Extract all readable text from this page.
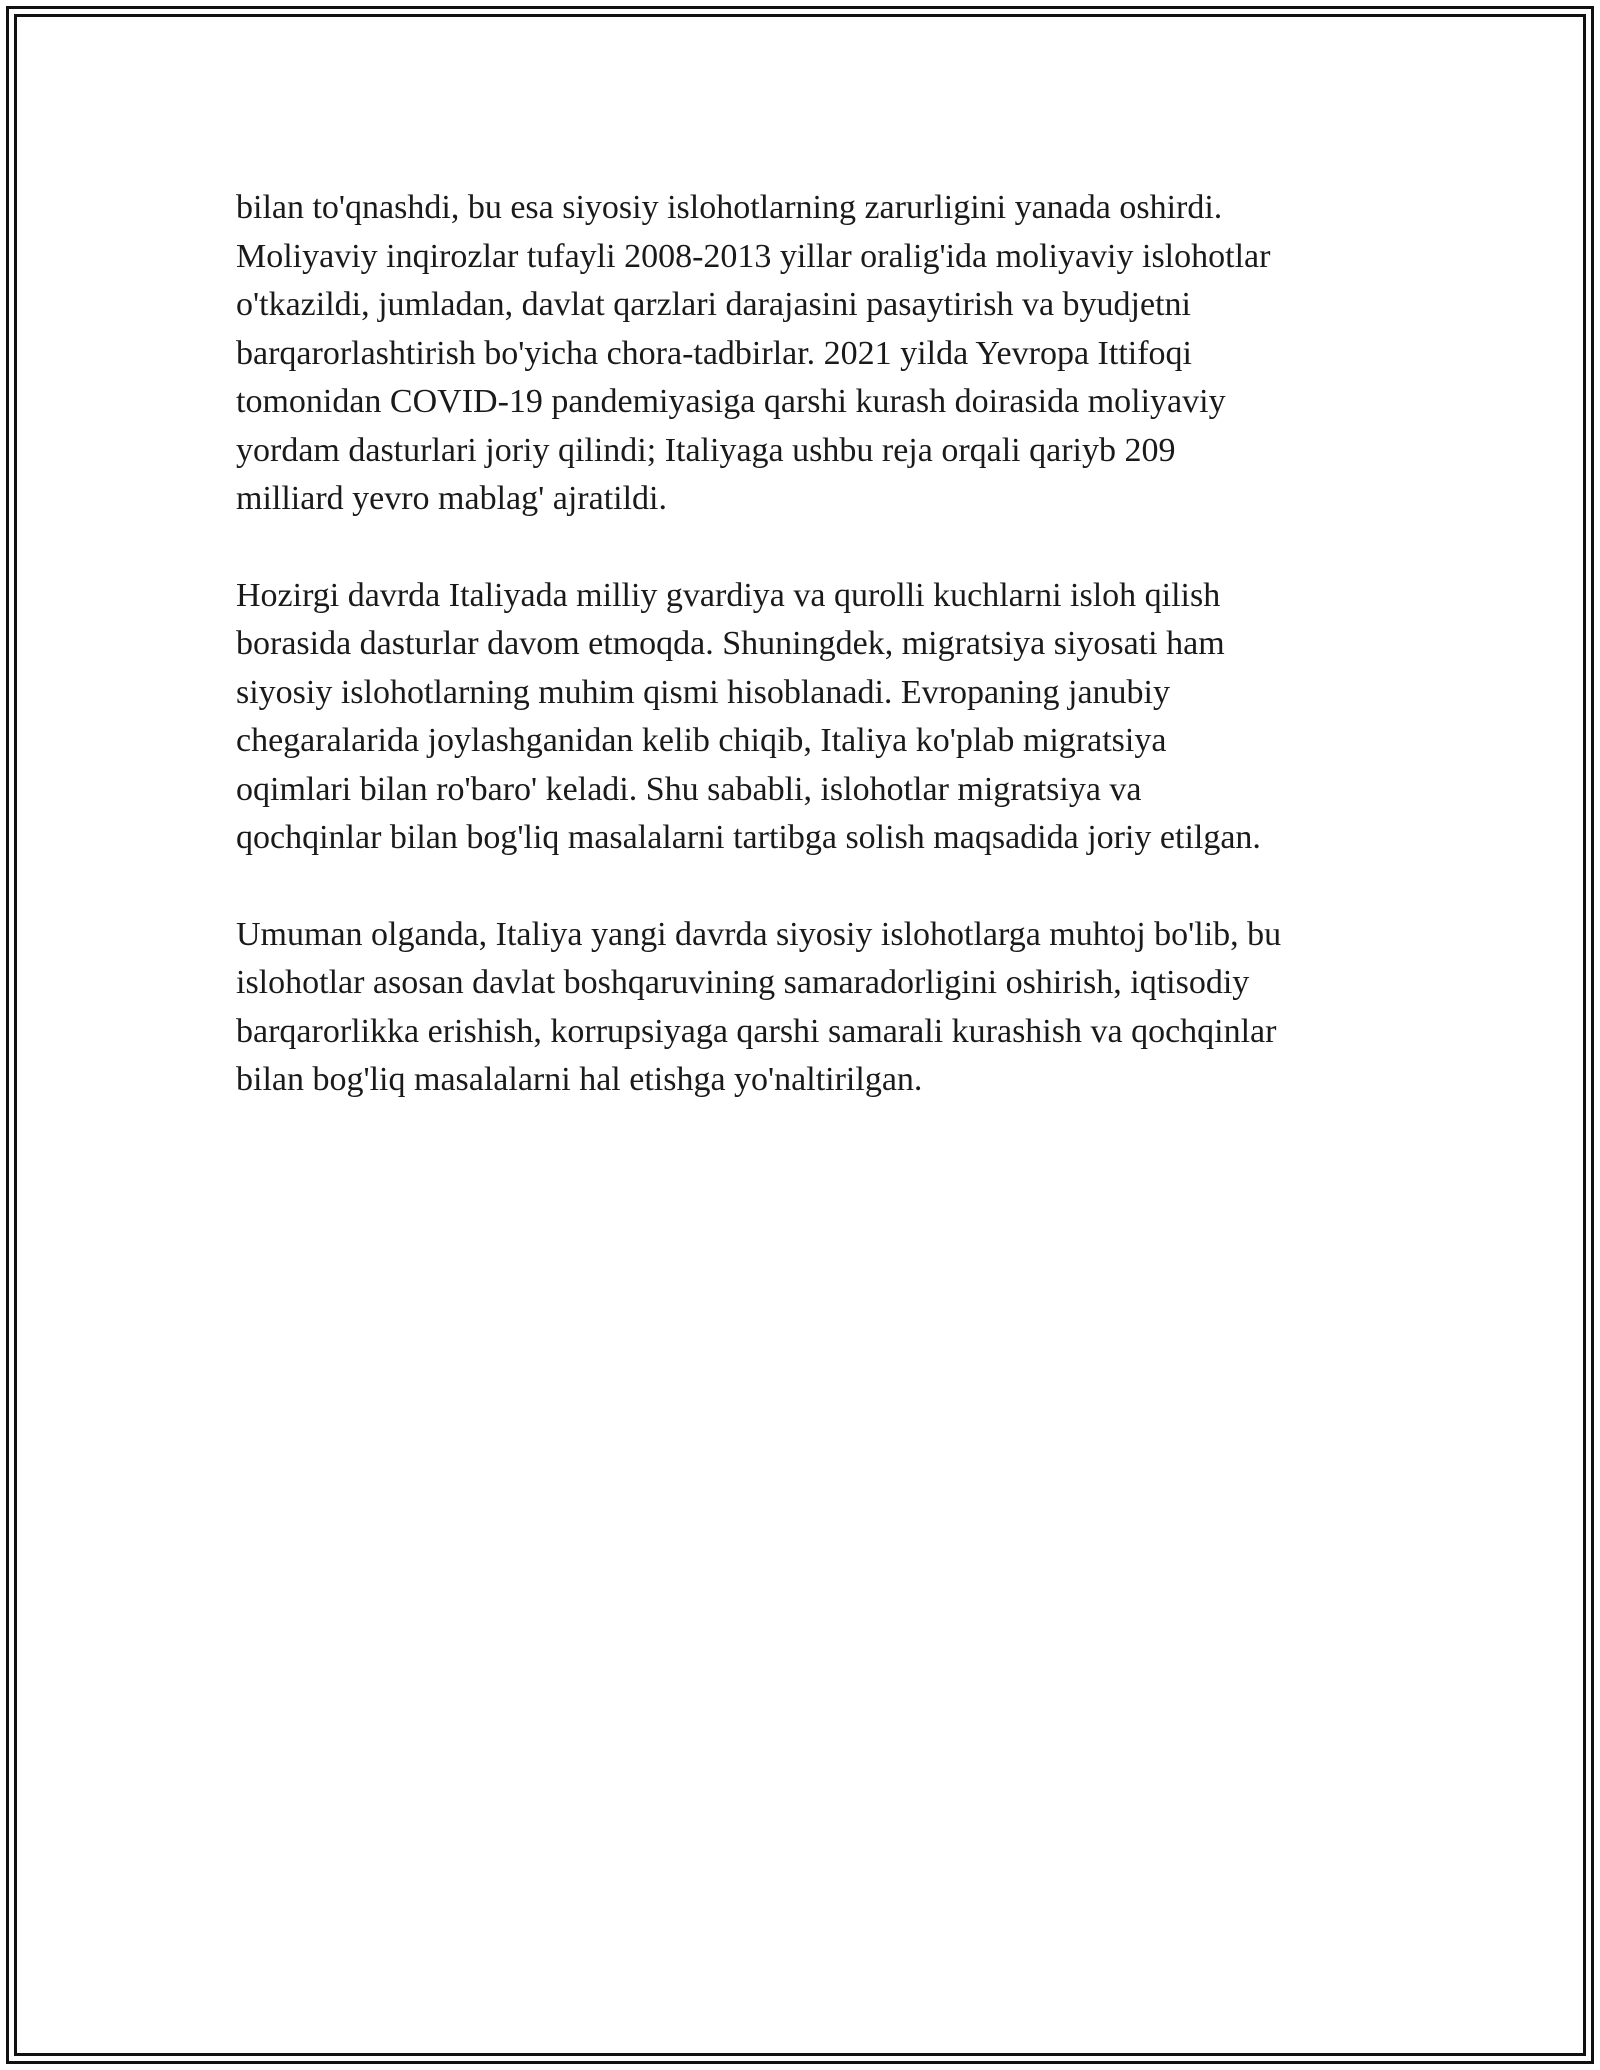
bilan to'qnashdi, bu esa siyosiy islohotlarning zarurligini yanada oshirdi.
Moliyaviy inqirozlar tufayli 2008-2013 yillar oralig'ida moliyaviy islohotlar
o'tkazildi, jumladan, davlat qarzlari darajasini pasaytirish va byudjetni
barqarorlashtirish bo'yicha chora-tadbirlar. 2021 yilda Yevropa Ittifoqi
tomonidan COVID-19 pandemiyasiga qarshi kurash doirasida moliyaviy
yordam dasturlari joriy qilindi; Italiyaga ushbu reja orqali qariyb 209
milliard yevro mablag' ajratildi.

Hozirgi davrda Italiyada milliy gvardiya va qurolli kuchlarni isloh qilish
borasida dasturlar davom etmoqda. Shuningdek, migratsiya siyosati ham
siyosiy islohotlarning muhim qismi hisoblanadi. Evropaning janubiy
chegaralarida joylashganidan kelib chiqib, Italiya ko'plab migratsiya
oqimlari bilan ro'baro' keladi. Shu sababli, islohotlar migratsiya va
qochqinlar bilan bog'liq masalalarni tartibga solish maqsadida joriy etilgan.

Umuman olganda, Italiya yangi davrda siyosiy islohotlarga muhtoj bo'lib, bu
islohotlar asosan davlat boshqaruvining samaradorligini oshirish, iqtisodiy
barqarorlikka erishish, korrupsiyaga qarshi samarali kurashish va qochqinlar
bilan bog'liq masalalarni hal etishga yo'naltirilgan.
